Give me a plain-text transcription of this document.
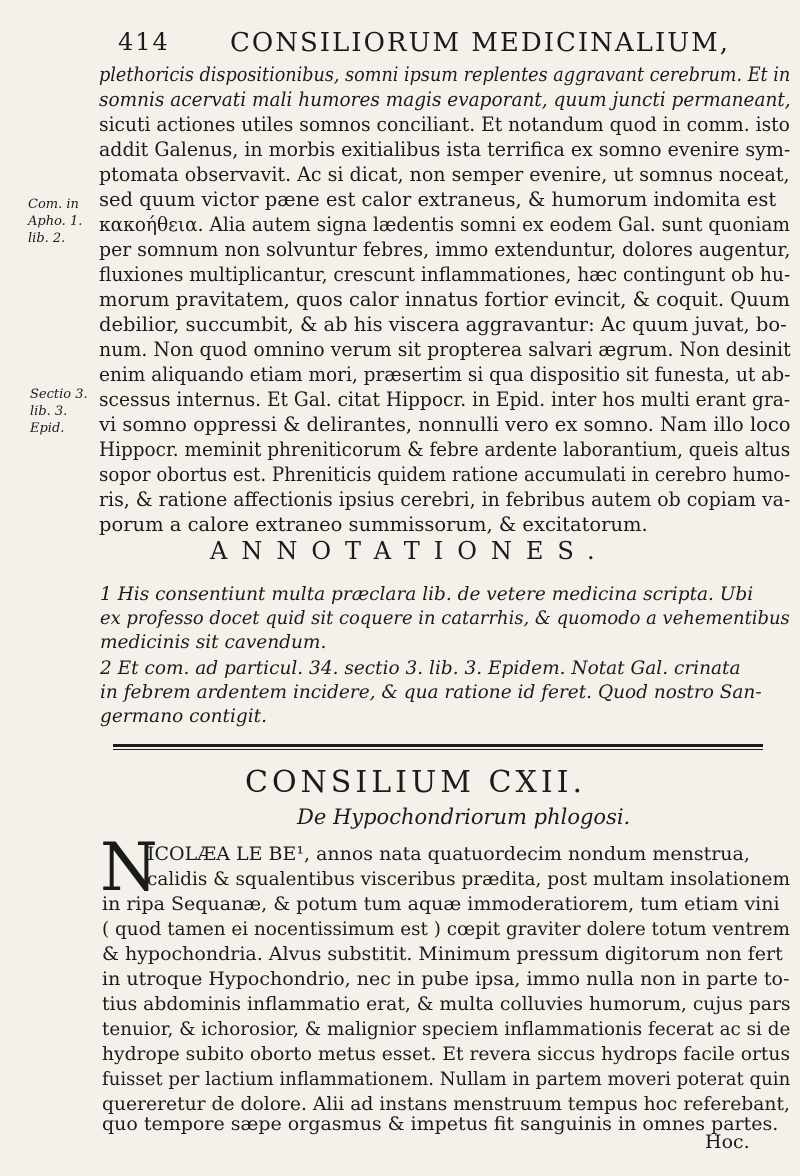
414 CONSILIORUM MEDICINALIUM,
plethoricis dispositionibus, somni ipsum replentes aggravant cerebrum. Et in
somnis acervati mali humores magis evaporant, quum juncti permaneant,
sicuti actiones utiles somnos conciliant. Et notandum quod in comm. isto
addit Galenus, in morbis exitialibus ista terrifica ex somno evenire sym-
ptomata observavit. Ac si dicat, non semper evenire, ut somnus noceat,
sed quum victor pæne est calor extraneus, & humorum indomita est
κακοήθεια. Alia autem signa lædentis somni ex eodem Gal. sunt quoniam
per somnum non solvuntur febres, immo extenduntur, dolores augentur,
fluxiones multiplicantur, crescunt inflammationes, hæc contingunt ob hu-
morum pravitatem, quos calor innatus fortior evincit, & coquit. Quum
debilior, succumbit, & ab his viscera aggravantur: Ac quum juvat, bo-
num. Non quod omnino verum sit propterea salvari ægrum. Non desinit
enim aliquando etiam mori, præsertim si qua dispositio sit funesta, ut ab-
scessus internus. Et Gal. citat Hippocr. in Epid. inter hos multi erant gra-
vi somno oppressi & delirantes, nonnulli vero ex somno. Nam illo loco
Hippocr. meminit phreniticorum & febre ardente laborantium, queis altus
sopor obortus est. Phreniticis quidem ratione accumulati in cerebro humo-
ris, & ratione affectionis ipsius cerebri, in febribus autem ob copiam va-
porum a calore extraneo summissorum, & excitatorum.
Com. in
Apho. 1.
lib. 2.
Sectio 3.
lib. 3.
Epid.
ANNOTATIONES.
1 His consentiunt multa præclara lib. de vetere medicina scripta. Ubi
ex professo docet quid sit coquere in catarrhis, & quomodo a vehementibus
medicinis sit cavendum.
2 Et com. ad particul. 34. sectio 3. lib. 3. Epidem. Notat Gal. crinata
in febrem ardentem incidere, & qua ratione id feret. Quod nostro San-
germano contigit.
CONSILIUM CXII.
De Hypochondriorum phlogosi.
N
ICOLÆA LE BE¹, annos nata quatuordecim nondum menstrua,
calidis & squalentibus visceribus prædita, post multam insolationem
in ripa Sequanæ, & potum tum aquæ immoderatiorem, tum etiam vini
( quod tamen ei nocentissimum est ) cœpit graviter dolere totum ventrem
& hypochondria. Alvus substitit. Minimum pressum digitorum non fert
in utroque Hypochondrio, nec in pube ipsa, immo nulla non in parte to-
tius abdominis inflammatio erat, & multa colluvies humorum, cujus pars
tenuior, & ichorosior, & malignior speciem inflammationis fecerat ac si de
hydrope subito oborto metus esset. Et revera siccus hydrops facile ortus
fuisset per lactium inflammationem. Nullam in partem moveri poterat quin
quereretur de dolore. Alii ad instans menstruum tempus hoc referebant,
quo tempore sæpe orgasmus & impetus fit sanguinis in omnes partes.
Hoc.
